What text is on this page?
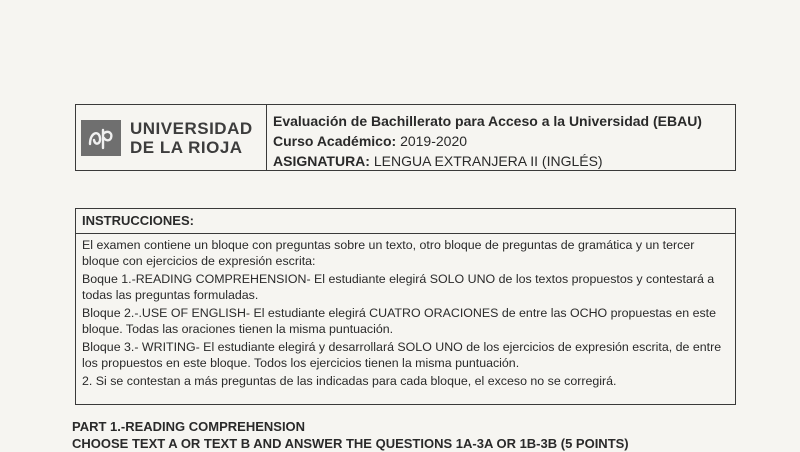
UNIVERSIDAD
DE LA RIOJA
Evaluación de Bachillerato para Acceso a la Universidad (EBAU)
Curso Académico: 2019-2020
ASIGNATURA: LENGUA EXTRANJERA II (INGLÉS)
INSTRUCCIONES:

El examen contiene un bloque con preguntas sobre un texto, otro bloque de preguntas de gramática y un tercer bloque con ejercicios de expresión escrita:

Boque 1.-READING COMPREHENSION- El estudiante elegirá SOLO UNO de los textos propuestos y contestará a todas las preguntas formuladas.

Bloque 2.-.USE OF ENGLISH- El estudiante elegirá CUATRO ORACIONES de entre las OCHO propuestas en este bloque. Todas las oraciones tienen la misma puntuación.

Bloque 3.- WRITING- El estudiante elegirá y desarrollará SOLO UNO de los ejercicios de expresión escrita, de entre los propuestos en este bloque. Todos los ejercicios tienen la misma puntuación.

2. Si se contestan a más preguntas de las indicadas para cada bloque, el exceso no se corregirá.

PART 1.-READING COMPREHENSION
CHOOSE TEXT A OR TEXT B AND ANSWER THE QUESTIONS 1A-3A OR 1B-3B (5 POINTS)
